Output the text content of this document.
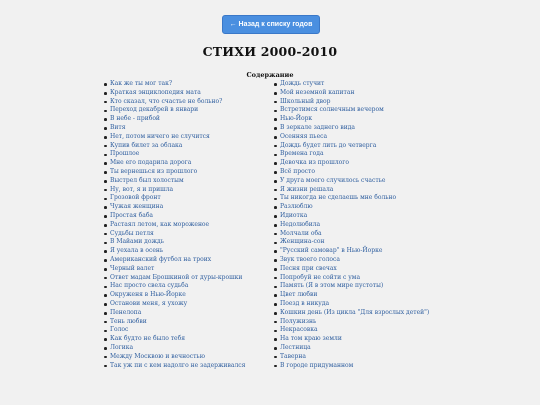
← Назад к списку годов
СТИХИ 2000-2010
Содержание
Как же ты мог так?
Краткая энциклопедия мата
Кто сказал, что счастье не больно?
Переход декабрей в январи
В небе - прибой
Витя
Нет, потом ничего не случится
Купив билет за облака
Прошлое
Мне его подарила дорога
Ты вернешься из прошлого
Выстрел был холостым
Ну, вот, я и пришла
Грозовой фронт
Чужая женщина
Простая баба
Растаял летом, как мороженое
Судьбы петля
В Майами дождь
Я уехала в осень
Американский футбол на троих
Черный валет
Ответ мадам Брошкиной от дуры-крошки
Нас просто свела судьба
Окруженя в Нью-Йорке
Останови меня, я ухожу
Пенелопа
Тень любви
Голос
Как будто не было тебя
Логика
Между Москвою и вечностью
Так уж пи с кем надолго не задерживался
Дождь стучит
Мой неземной капитан
Школьный двор
Встретимся солнечным вечером
Нью-Йорк
В зеркале заднего вида
Осенняя пьеса
Дождь будет лить до четверга
Времена года
Девочка из прошлого
Всё просто
У друга моего случилось счастье
Я жизни решала
Ты никогда не сделаешь мне больно
Разлюблю
Идиотка
Недолюбила
Молчали оба
Женщина-сон
"Русский самовар" в Нью-Йорке
Звук твоего голоса
Песня при свечах
Попробуй не сойти с ума
Память (Я в этом мире пустоты)
Цвет любви
Поезд в никуда
Кошкин день (Из цикла "Для взрослых детей")
Полужизнь
Некрасовка
На том краю земли
Лестница
Таверна
В городе придуманном
